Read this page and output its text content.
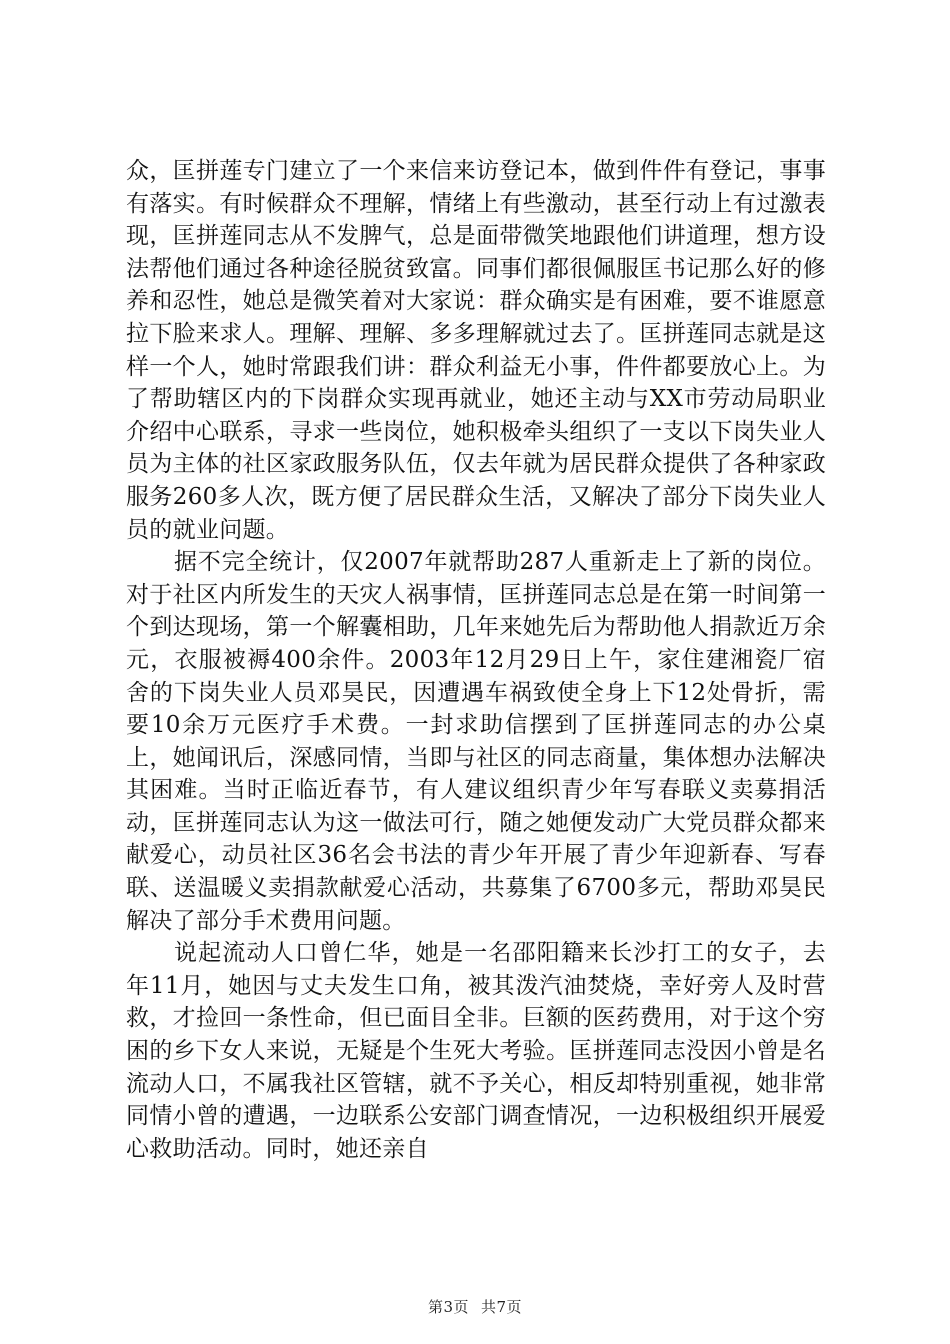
众，匡拼莲专门建立了一个来信来访登记本，做到件件有登记，事事有落实。有时候群众不理解，情绪上有些激动，甚至行动上有过激表现，匡拼莲同志从不发脾气，总是面带微笑地跟他们讲道理，想方设法帮他们通过各种途径脱贫致富。同事们都很佩服匡书记那么好的修养和忍性，她总是微笑着对大家说：群众确实是有困难，要不谁愿意拉下脸来求人。理解、理解、多多理解就过去了。匡拼莲同志就是这样一个人，她时常跟我们讲：群众利益无小事，件件都要放心上。为了帮助辖区内的下岗群众实现再就业，她还主动与XX市劳动局职业介绍中心联系，寻求一些岗位，她积极牵头组织了一支以下岗失业人员为主体的社区家政服务队伍，仅去年就为居民群众提供了各种家政服务260多人次，既方便了居民群众生活，又解决了部分下岗失业人员的就业问题。

据不完全统计，仅2007年就帮助287人重新走上了新的岗位。对于社区内所发生的天灾人祸事情，匡拼莲同志总是在第一时间第一个到达现场，第一个解囊相助，几年来她先后为帮助他人捐款近万余元，衣服被褥400余件。2003年12月29日上午，家住建湘瓷厂宿舍的下岗失业人员邓昊民，因遭遇车祸致使全身上下12处骨折，需要10余万元医疗手术费。一封求助信摆到了匡拼莲同志的办公桌上，她闻讯后，深感同情，当即与社区的同志商量，集体想办法解决其困难。当时正临近春节，有人建议组织青少年写春联义卖募捐活动，匡拼莲同志认为这一做法可行，随之她便发动广大党员群众都来献爱心，动员社区36名会书法的青少年开展了青少年迎新春、写春联、送温暖义卖捐款献爱心活动，共募集了6700多元，帮助邓昊民解决了部分手术费用问题。

说起流动人口曾仁华，她是一名邵阳籍来长沙打工的女子，去年11月，她因与丈夫发生口角，被其泼汽油焚烧，幸好旁人及时营救，才捡回一条性命，但已面目全非。巨额的医药费用，对于这个穷困的乡下女人来说，无疑是个生死大考验。匡拼莲同志没因小曾是名流动人口，不属我社区管辖，就不予关心，相反却特别重视，她非常同情小曾的遭遇，一边联系公安部门调查情况，一边积极组织开展爱心救助活动。同时，她还亲自

第3页 共7页
